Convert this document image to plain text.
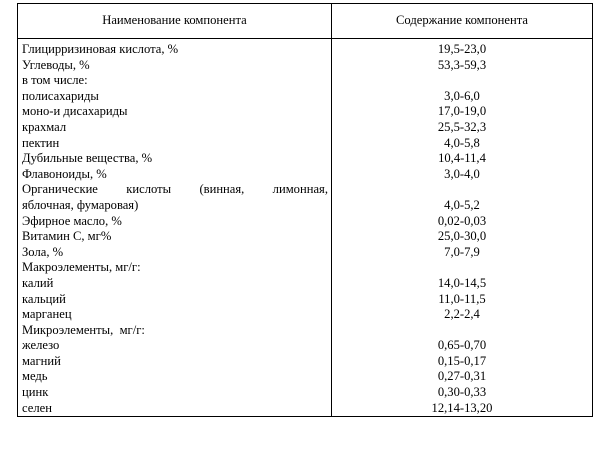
Наименование компонента	Содержание компонента
Глицирризиновая кислота, %	19,5-23,0
Углеводы, %	53,3-59,3
в том числе:	
полисахариды	3,0-6,0
моно-и дисахариды	17,0-19,0
крахмал	25,5-32,3
пектин	4,0-5,8
Дубильные вещества, %	10,4-11,4
Флавоноиды, %	3,0-4,0

Органические кислоты (винная, лимонная,	

яблочная, фумаровая)	4,0-5,2
Эфирное масло, %	0,02-0,03
Витамин С, мг%	25,0-30,0
Зола, %	7,0-7,9
Макроэлементы, мг/г:	
калий	14,0-14,5
кальций	11,0-11,5
марганец	2,2-2,4
Микроэлементы,  мг/г:	
железо	0,65-0,70
магний	0,15-0,17
медь	0,27-0,31
цинк	0,30-0,33
селен	12,14-13,20
